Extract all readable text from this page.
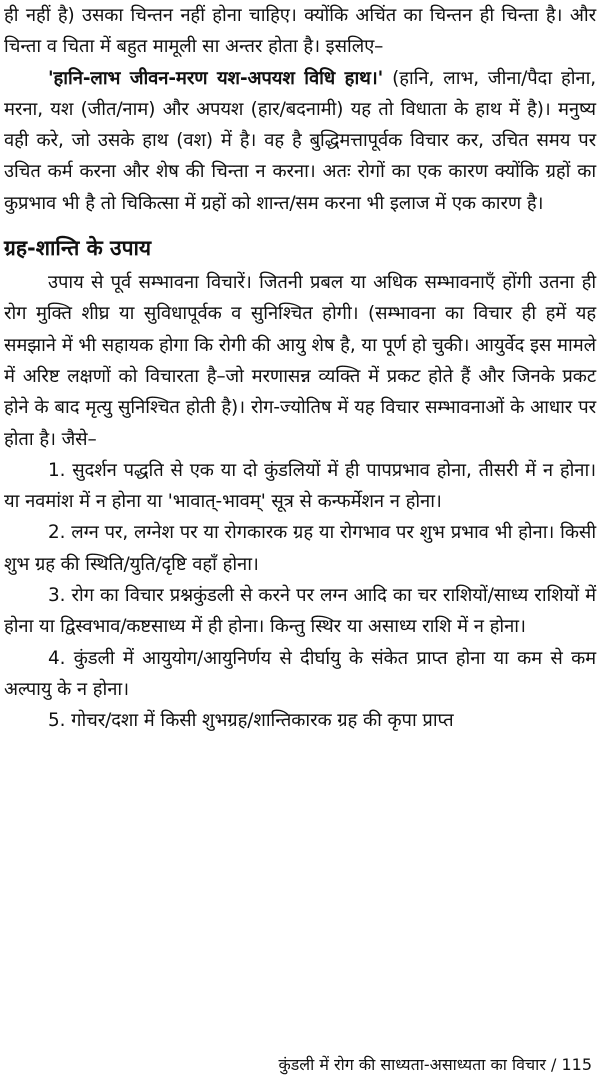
ही नहीं है) उसका चिन्तन नहीं होना चाहिए। क्योंकि अचिंत का चिन्तन ही चिन्ता है। और चिन्ता व चिता में बहुत मामूली सा अन्तर होता है। इसलिए–

'हानि-लाभ जीवन-मरण यश-अपयश विधि हाथ।' (हानि, लाभ, जीना/पैदा होना, मरना, यश (जीत/नाम) और अपयश (हार/बदनामी) यह तो विधाता के हाथ में है)। मनुष्य वही करे, जो उसके हाथ (वश) में है। वह है बुद्धिमत्तापूर्वक विचार कर, उचित समय पर उचित कर्म करना और शेष की चिन्ता न करना। अतः रोगों का एक कारण क्योंकि ग्रहों का कुप्रभाव भी है तो चिकित्सा में ग्रहों को शान्त/सम करना भी इलाज में एक कारण है।

ग्रह-शान्ति के उपाय

उपाय से पूर्व सम्भावना विचारें। जितनी प्रबल या अधिक सम्भावनाएँ होंगी उतना ही रोग मुक्ति शीघ्र या सुविधापूर्वक व सुनिश्चित होगी। (सम्भावना का विचार ही हमें यह समझाने में भी सहायक होगा कि रोगी की आयु शेष है, या पूर्ण हो चुकी। आयुर्वेद इस मामले में अरिष्ट लक्षणों को विचारता है–जो मरणासन्न व्यक्ति में प्रकट होते हैं और जिनके प्रकट होने के बाद मृत्यु सुनिश्चित होती है)। रोग-ज्योतिष में यह विचार सम्भावनाओं के आधार पर होता है। जैसे–

1. सुदर्शन पद्धति से एक या दो कुंडलियों में ही पापप्रभाव होना, तीसरी में न होना। या नवमांश में न होना या 'भावात्-भावम्' सूत्र से कन्फर्मेशन न होना।

2. लग्न पर, लग्नेश पर या रोगकारक ग्रह या रोगभाव पर शुभ प्रभाव भी होना। किसी शुभ ग्रह की स्थिति/युति/दृष्टि वहाँ होना।

3. रोग का विचार प्रश्नकुंडली से करने पर लग्न आदि का चर राशियों/साध्य राशियों में होना या द्विस्वभाव/कष्टसाध्य में ही होना। किन्तु स्थिर या असाध्य राशि में न होना।

4. कुंडली में आयुयोग/आयुनिर्णय से दीर्घायु के संकेत प्राप्त होना या कम से कम अल्पायु के न होना।

5. गोचर/दशा में किसी शुभग्रह/शान्तिकारक ग्रह की कृपा प्राप्त

कुंडली में रोग की साध्यता-असाध्यता का विचार / 115
